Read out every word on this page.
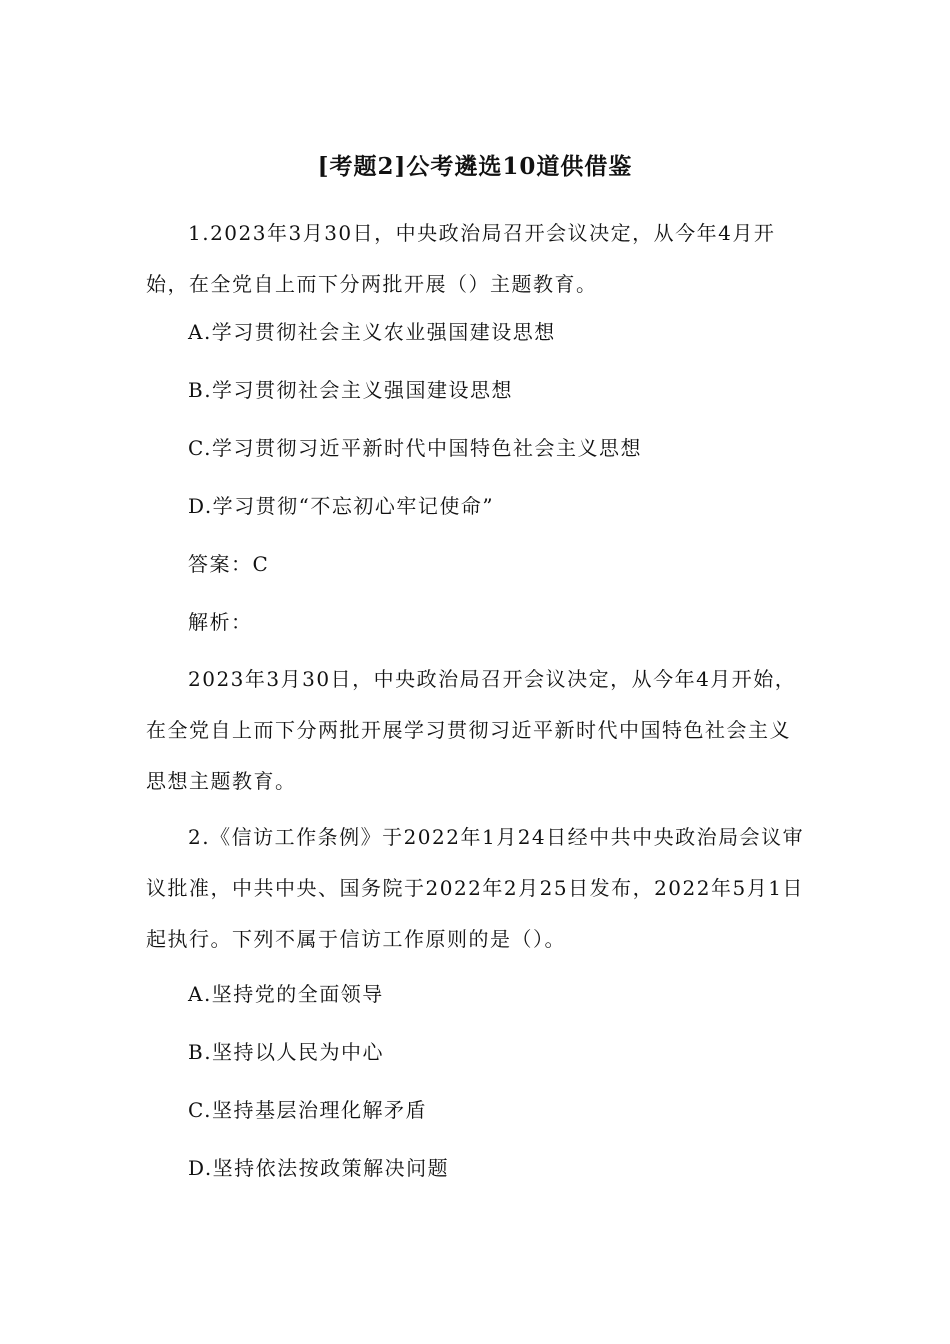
[考题2]公考遴选10道供借鉴

1.2023年3月30日，中央政治局召开会议决定，从今年4月开始，在全党自上而下分两批开展（）主题教育。

A.学习贯彻社会主义农业强国建设思想
B.学习贯彻社会主义强国建设思想
C.学习贯彻习近平新时代中国特色社会主义思想
D.学习贯彻“不忘初心牢记使命”
答案：C
解析：

2023年3月30日，中央政治局召开会议决定，从今年4月开始，在全党自上而下分两批开展学习贯彻习近平新时代中国特色社会主义思想主题教育。

2.《信访工作条例》于2022年1月24日经中共中央政治局会议审议批准，中共中央、国务院于2022年2月25日发布，2022年5月1日起执行。下列不属于信访工作原则的是（）。

A.坚持党的全面领导
B.坚持以人民为中心
C.坚持基层治理化解矛盾
D.坚持依法按政策解决问题
